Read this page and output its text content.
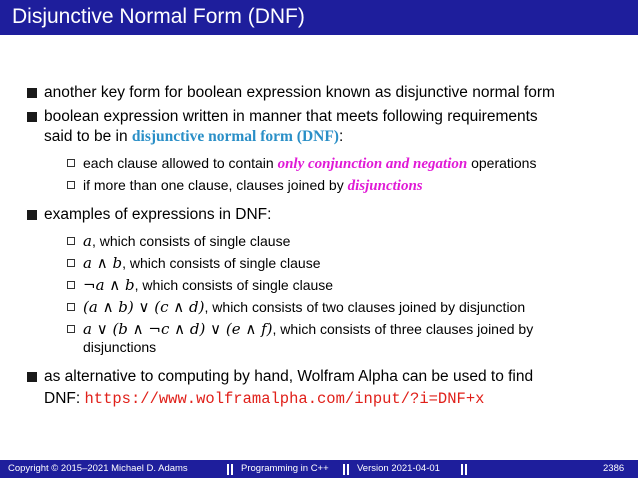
Disjunctive Normal Form (DNF)
another key form for boolean expression known as disjunctive normal form
boolean expression written in manner that meets following requirements
said to be in disjunctive normal form (DNF):
each clause allowed to contain only conjunction and negation operations
if more than one clause, clauses joined by disjunctions
examples of expressions in DNF:
a, which consists of single clause
a ∧ b, which consists of single clause
¬a ∧ b, which consists of single clause
(a ∧ b) ∨ (c ∧ d), which consists of two clauses joined by disjunction
a ∨ (b ∧ ¬c ∧ d) ∨ (e ∧ f), which consists of three clauses joined by
disjunctions
as alternative to computing by hand, Wolfram Alpha can be used to find
DNF: https://www.wolframalpha.com/input/?i=DNF+x
Copyright © 2015–2021 Michael D. Adams	Programming in C++	Version 2021-04-01	2386
